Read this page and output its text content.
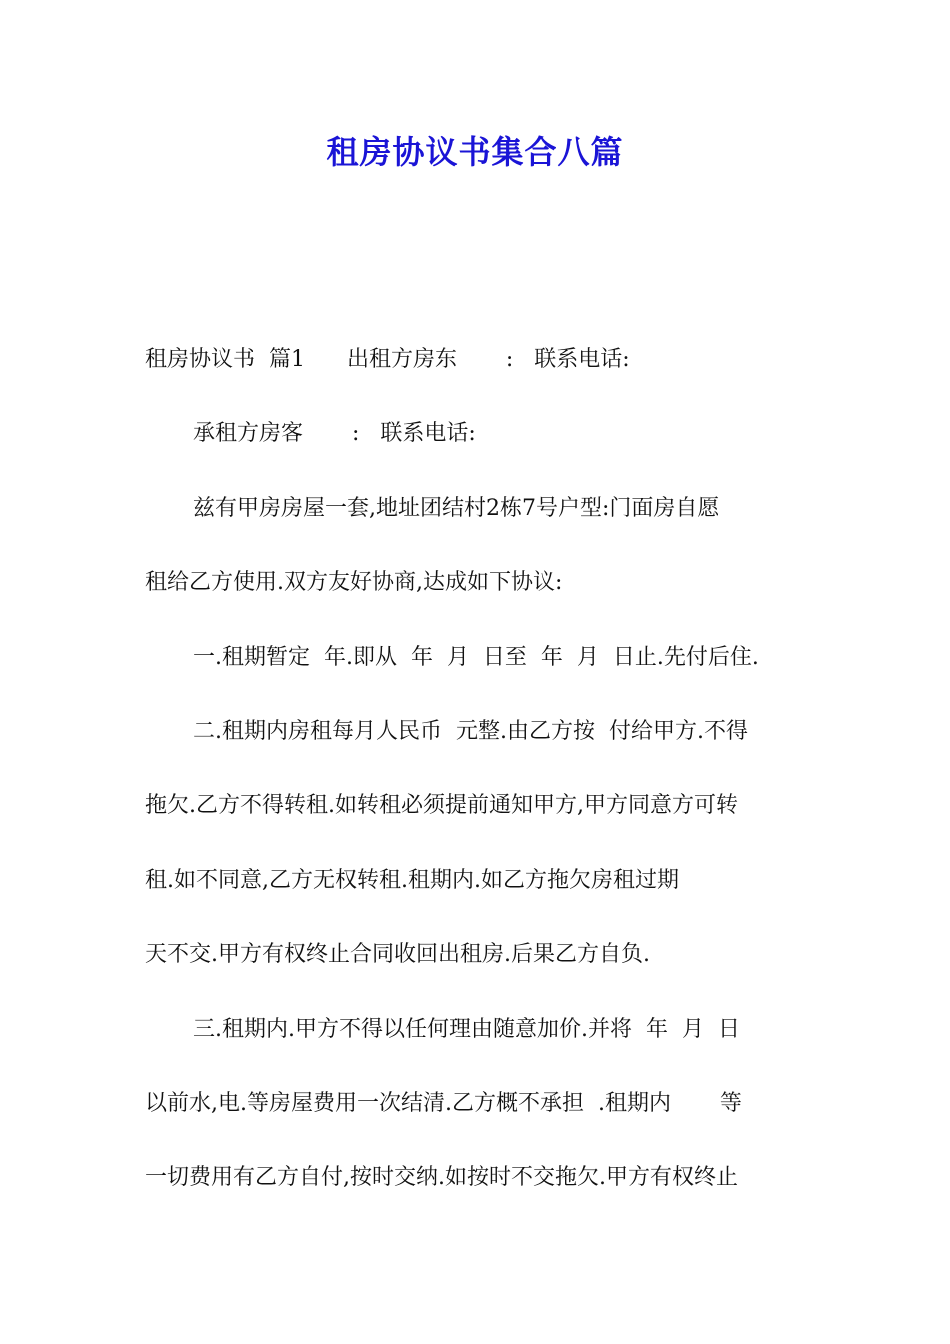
租房协议书集合八篇
租房协议书  篇1      出租方房东       :   联系电话:
承租方房客       :   联系电话:
兹有甲房房屋一套,地址团结村2栋7号户型:门面房自愿
租给乙方使用.双方友好协商,达成如下协议:
一.租期暂定  年.即从  年  月  日至  年  月  日止.先付后住.
二.租期内房租每月人民币  元整.由乙方按  付给甲方.不得
拖欠.乙方不得转租.如转租必须提前通知甲方,甲方同意方可转
租.如不同意,乙方无权转租.租期内.如乙方拖欠房租过期
天不交.甲方有权终止合同收回出租房.后果乙方自负.
三.租期内.甲方不得以任何理由随意加价.并将  年  月  日
以前水,电.等房屋费用一次结清.乙方概不承担  .租期内       等
一切费用有乙方自付,按时交纳.如按时不交拖欠.甲方有权终止
